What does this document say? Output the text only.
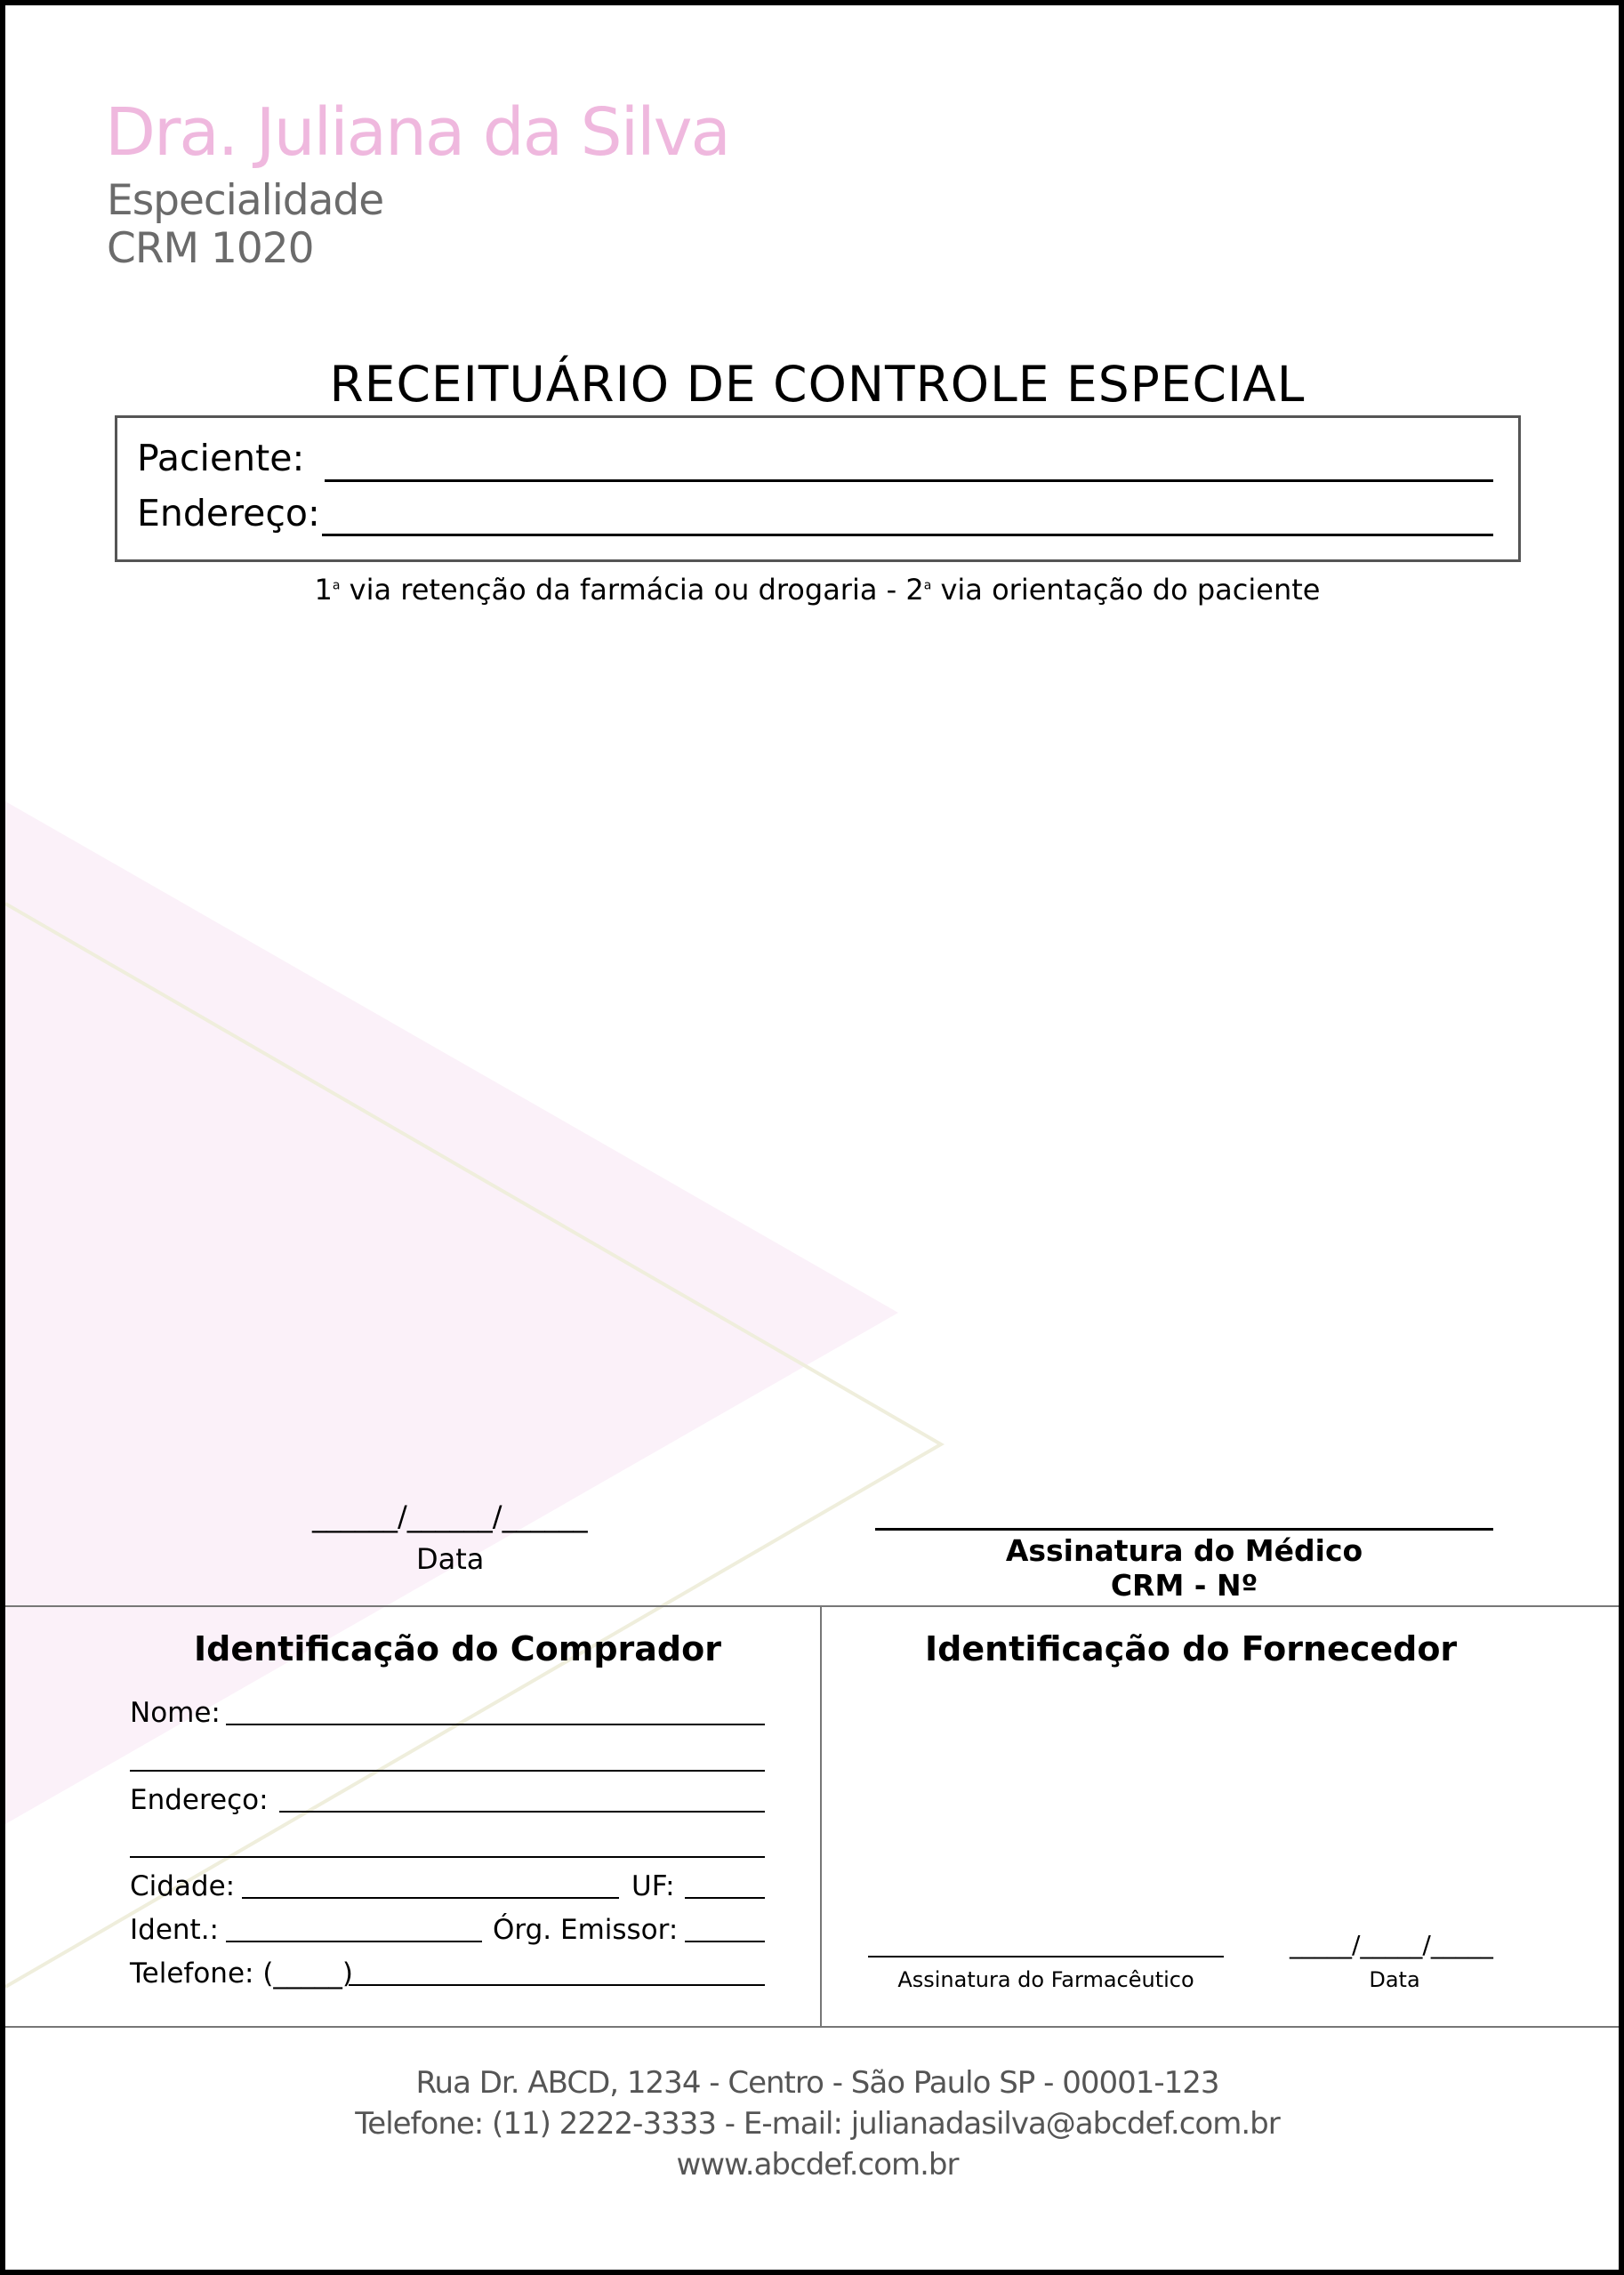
Dra. Juliana da Silva
Especialidade
CRM 1020
RECEITUÁRIO DE CONTROLE ESPECIAL
Paciente:
Endereço:
1$^a$ via retenção da farmácia ou drogaria - 2$^a$ via orientação do paciente
______/______/______
Data	Assinatura do Médico
CRM - Nº
Identificação do Comprador	Identificação do Fornecedor
Nome:
Endereço:
Cidade:	UF:
Ident.:	Órg. Emissor:
Telefone: (_____)	Assinatura do Farmacêutico
_____/_____/_____
Data
Rua Dr. ABCD, 1234 - Centro - São Paulo SP - 00001-123
Telefone: (11) 2222-3333 - E-mail: julianadasilva@abcdef.com.br
www.abcdef.com.br
